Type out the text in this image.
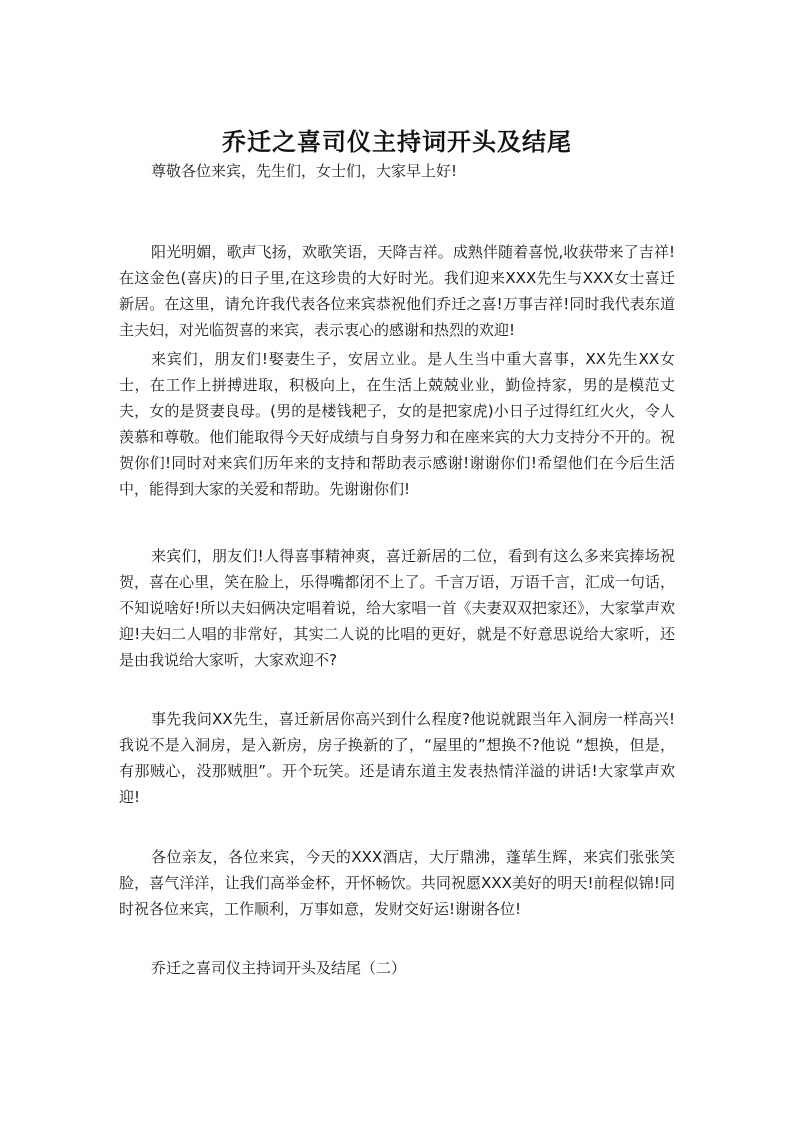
乔迁之喜司仪主持词开头及结尾

尊敬各位来宾，先生们，女士们，大家早上好!

阳光明媚，歌声飞扬，欢歌笑语，天降吉祥。成熟伴随着喜悦,收获带来了吉祥!在这金色(喜庆)的日子里,在这珍贵的大好时光。我们迎来XXX先生与XXX女士喜迁新居。在这里，请允许我代表各位来宾恭祝他们乔迁之喜!万事吉祥!同时我代表东道主夫妇，对光临贺喜的来宾，表示衷心的感谢和热烈的欢迎!

来宾们，朋友们!娶妻生子，安居立业。是人生当中重大喜事，XX先生XX女士，在工作上拼搏进取，积极向上，在生活上兢兢业业，勤俭持家，男的是模范丈夫，女的是贤妻良母。(男的是楼钱耙子，女的是把家虎)小日子过得红红火火，令人羡慕和尊敬。他们能取得今天好成绩与自身努力和在座来宾的大力支持分不开的。祝贺你们!同时对来宾们历年来的支持和帮助表示感谢!谢谢你们!希望他们在今后生活中，能得到大家的关爱和帮助。先谢谢你们!

来宾们，朋友们!人得喜事精神爽，喜迁新居的二位，看到有这么多来宾捧场祝贺，喜在心里，笑在脸上，乐得嘴都闭不上了。千言万语，万语千言，汇成一句话，不知说啥好!所以夫妇俩决定唱着说，给大家唱一首《夫妻双双把家还》，大家掌声欢迎!夫妇二人唱的非常好，其实二人说的比唱的更好，就是不好意思说给大家听，还是由我说给大家听，大家欢迎不?

事先我问XX先生，喜迁新居你高兴到什么程度?他说就跟当年入洞房一样高兴!我说不是入洞房，是入新房，房子换新的了，“屋里的”想换不?他说 “想换，但是，有那贼心，没那贼胆”。开个玩笑。还是请东道主发表热情洋溢的讲话!大家掌声欢迎!

各位亲友，各位来宾，今天的XXX酒店，大厅鼎沸，蓬荜生辉，来宾们张张笑脸，喜气洋洋，让我们高举金杯，开怀畅饮。共同祝愿XXX美好的明天!前程似锦!同时祝各位来宾，工作顺利，万事如意，发财交好运!谢谢各位!

乔迁之喜司仪主持词开头及结尾（二）
